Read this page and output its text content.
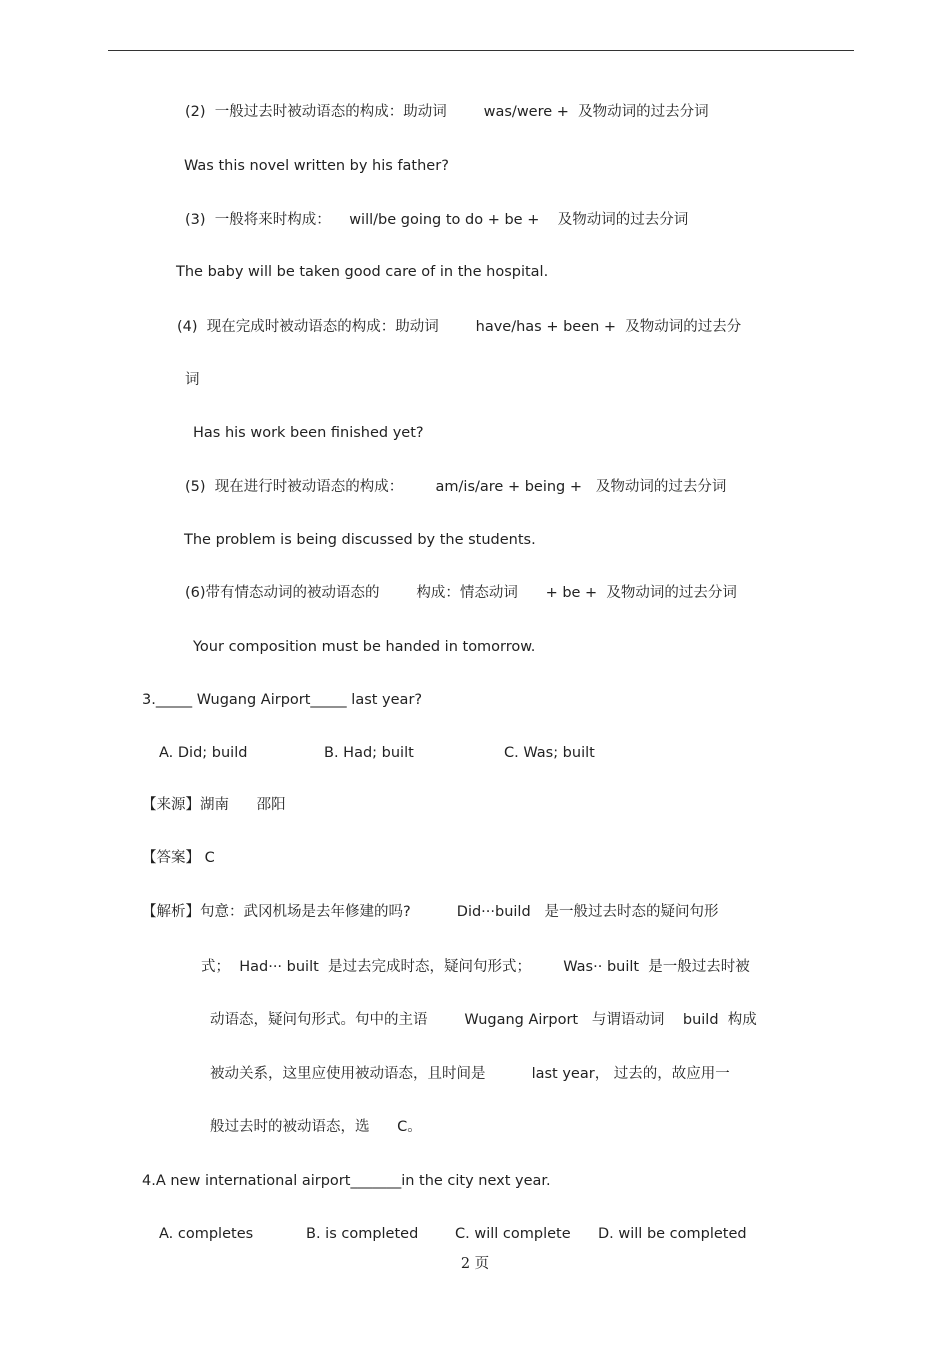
(2)  一般过去时被动语态的构成：助动词        was/were +  及物动词的过去分词
Was this novel written by his father?
(3)  一般将来时构成：    will/be going to do + be +    及物动词的过去分词
The baby will be taken good care of in the hospital.
(4)  现在完成时被动语态的构成：助动词        have/has + been +  及物动词的过去分
词
Has his work been finished yet?
(5)  现在进行时被动语态的构成：       am/is/are + being +   及物动词的过去分词
The problem is being discussed by the students.
(6)带有情态动词的被动语态的        构成：情态动词      + be +  及物动词的过去分词
Your composition must be handed in tomorrow.
3._____ Wugang Airport_____ last year?
A. Did; build	B. Had; built	C. Was; built
【来源】湖南      邵阳
【答案】 C
【解析】句意：武冈机场是去年修建的吗?          Did···build   是一般过去时态的疑问句形
式；  Had··· built  是过去完成时态，疑问句形式；       Was·· built  是一般过去时被
动语态，疑问句形式。句中的主语        Wugang Airport   与谓语动词    build  构成
被动关系，这里应使用被动语态，且时间是          last year， 过去的，故应用一
般过去时的被动语态，选      C。
4.A new international airport_______in the city next year.
A. completes	B. is completed	C. will complete D. will be completed
2 页
